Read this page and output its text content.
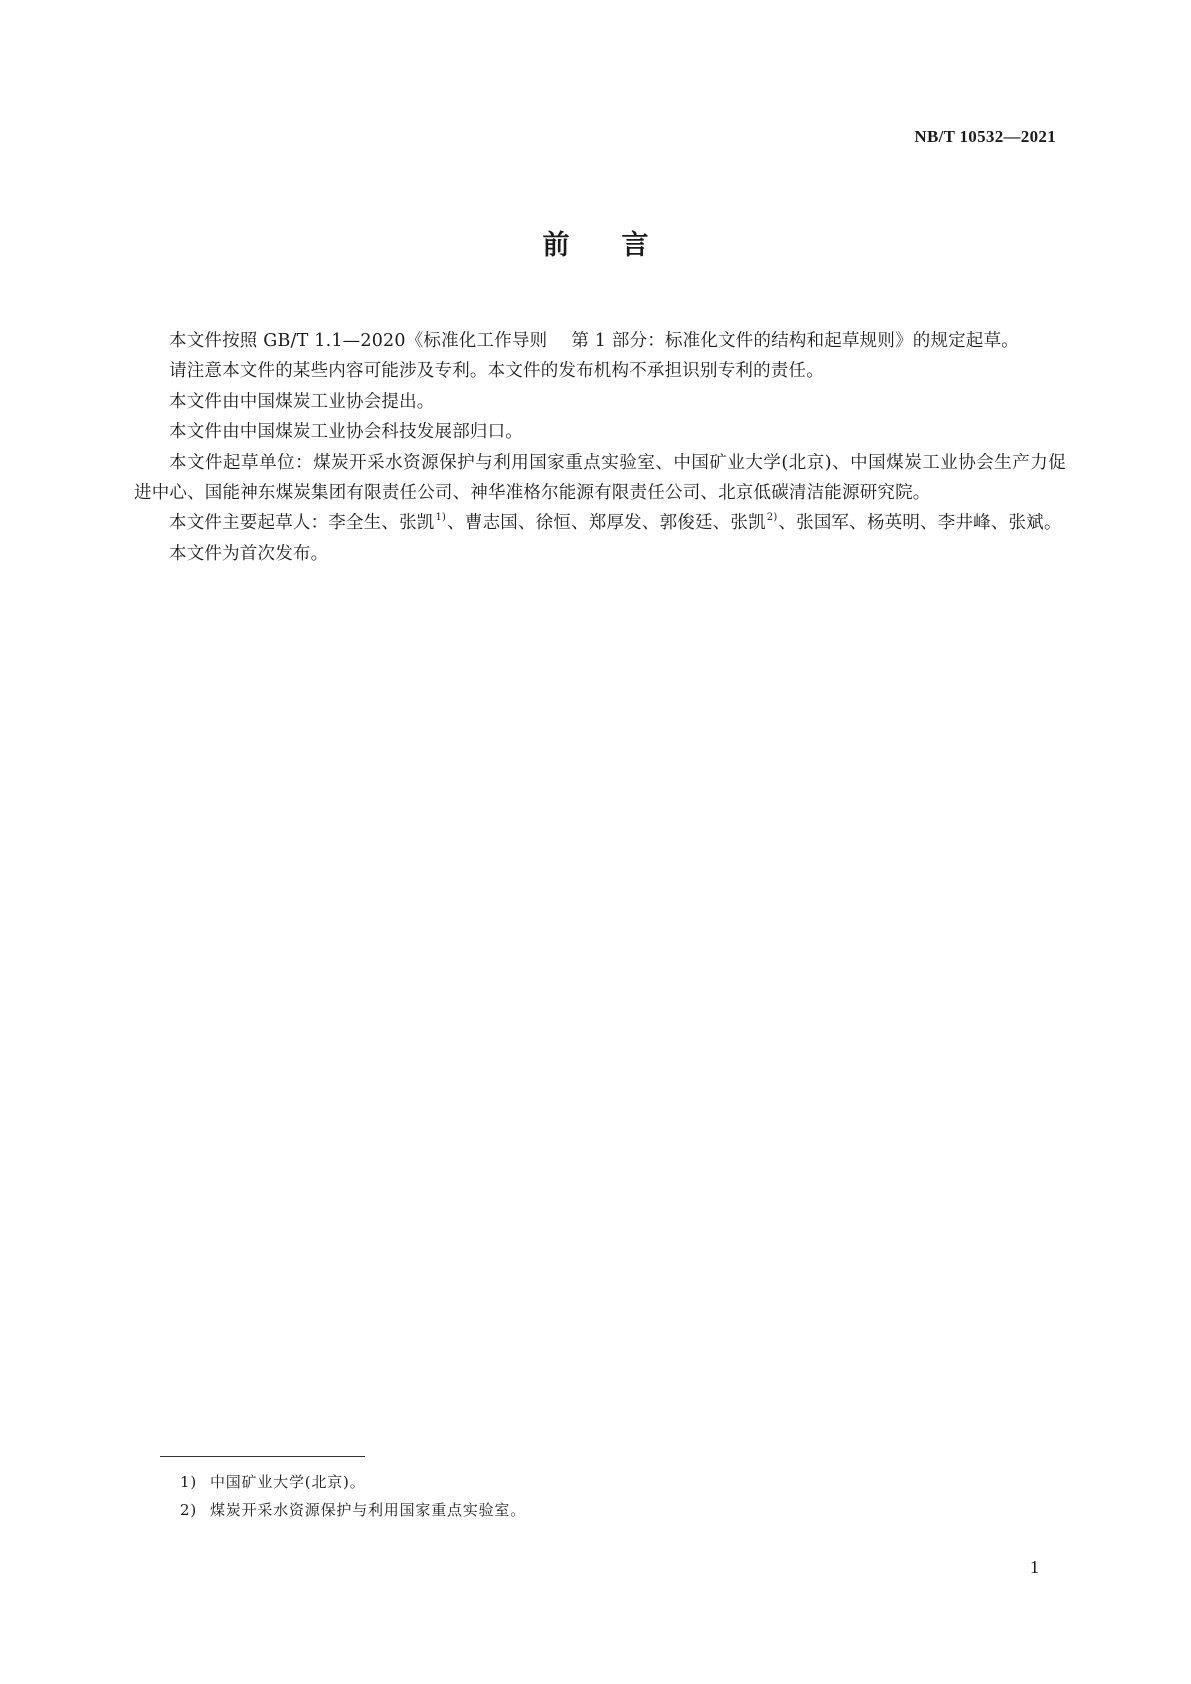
NB/T 10532—2021
前言

本文件按照 GB/T 1.1—2020《标准化工作导则 第 1 部分：标准化文件的结构和起草规则》的规定起草。

请注意本文件的某些内容可能涉及专利。本文件的发布机构不承担识别专利的责任。

本文件由中国煤炭工业协会提出。

本文件由中国煤炭工业协会科技发展部归口。

本文件起草单位：煤炭开采水资源保护与利用国家重点实验室、中国矿业大学(北京)、中国煤炭工业协会生产力促进中心、国能神东煤炭集团有限责任公司、神华准格尔能源有限责任公司、北京低碳清洁能源研究院。

本文件主要起草人：李全生、张凯$^{1)}$、曹志国、徐恒、郑厚发、郭俊廷、张凯$^{2)}$、张国军、杨英明、李井峰、张斌。

本文件为首次发布。

1) 中国矿业大学(北京)。
2) 煤炭开采水资源保护与利用国家重点实验室。
1
